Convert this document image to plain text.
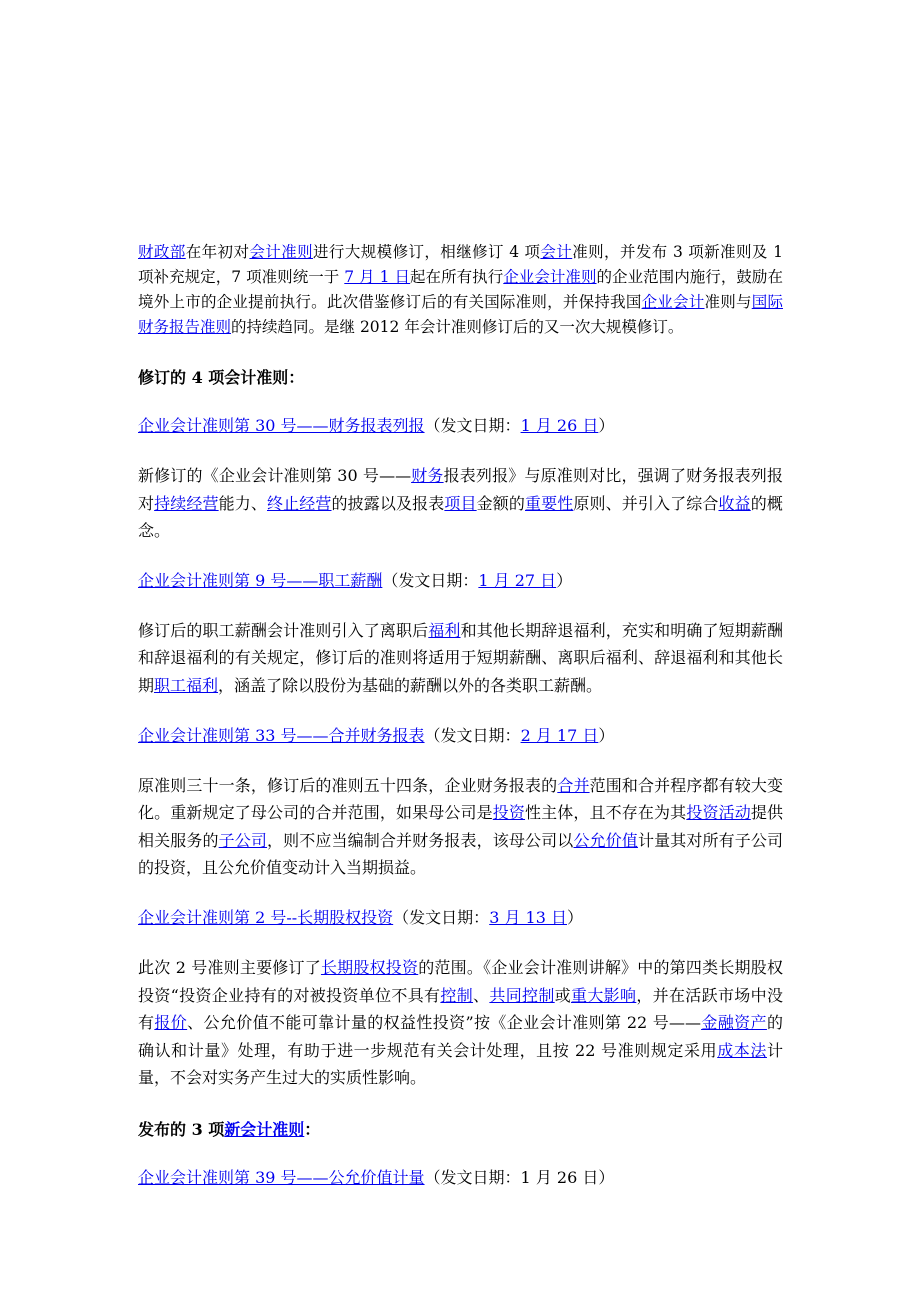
财政部在年初对会计准则进行大规模修订，相继修订 4 项会计准则，并发布 3 项新准则及 1 项补充规定，7 项准则统一于 7 月 1 日起在所有执行企业会计准则的企业范围内施行，鼓励在境外上市的企业提前执行。此次借鉴修订后的有关国际准则，并保持我国企业会计准则与国际财务报告准则的持续趋同。是继 2012 年会计准则修订后的又一次大规模修订。

修订的 4 项会计准则：

企业会计准则第 30 号——财务报表列报（发文日期：1 月 26 日）

新修订的《企业会计准则第 30 号——财务报表列报》与原准则对比，强调了财务报表列报对持续经营能力、终止经营的披露以及报表项目金额的重要性原则、并引入了综合收益的概念。

企业会计准则第 9 号——职工薪酬（发文日期：1 月 27 日）

修订后的职工薪酬会计准则引入了离职后福利和其他长期辞退福利，充实和明确了短期薪酬和辞退福利的有关规定，修订后的准则将适用于短期薪酬、离职后福利、辞退福利和其他长期职工福利，涵盖了除以股份为基础的薪酬以外的各类职工薪酬。

企业会计准则第 33 号——合并财务报表（发文日期：2 月 17 日）

原准则三十一条，修订后的准则五十四条，企业财务报表的合并范围和合并程序都有较大变化。重新规定了母公司的合并范围，如果母公司是投资性主体，且不存在为其投资活动提供相关服务的子公司，则不应当编制合并财务报表，该母公司以公允价值计量其对所有子公司的投资，且公允价值变动计入当期损益。

企业会计准则第 2 号--长期股权投资（发文日期：3 月 13 日）

此次 2 号准则主要修订了长期股权投资的范围。《企业会计准则讲解》中的第四类长期股权投资“投资企业持有的对被投资单位不具有控制、共同控制或重大影响，并在活跃市场中没有报价、公允价值不能可靠计量的权益性投资”按《企业会计准则第 22 号——金融资产的确认和计量》处理，有助于进一步规范有关会计处理，且按 22 号准则规定采用成本法计量，不会对实务产生过大的实质性影响。

发布的 3 项新会计准则：

企业会计准则第 39 号——公允价值计量（发文日期：1 月 26 日）
